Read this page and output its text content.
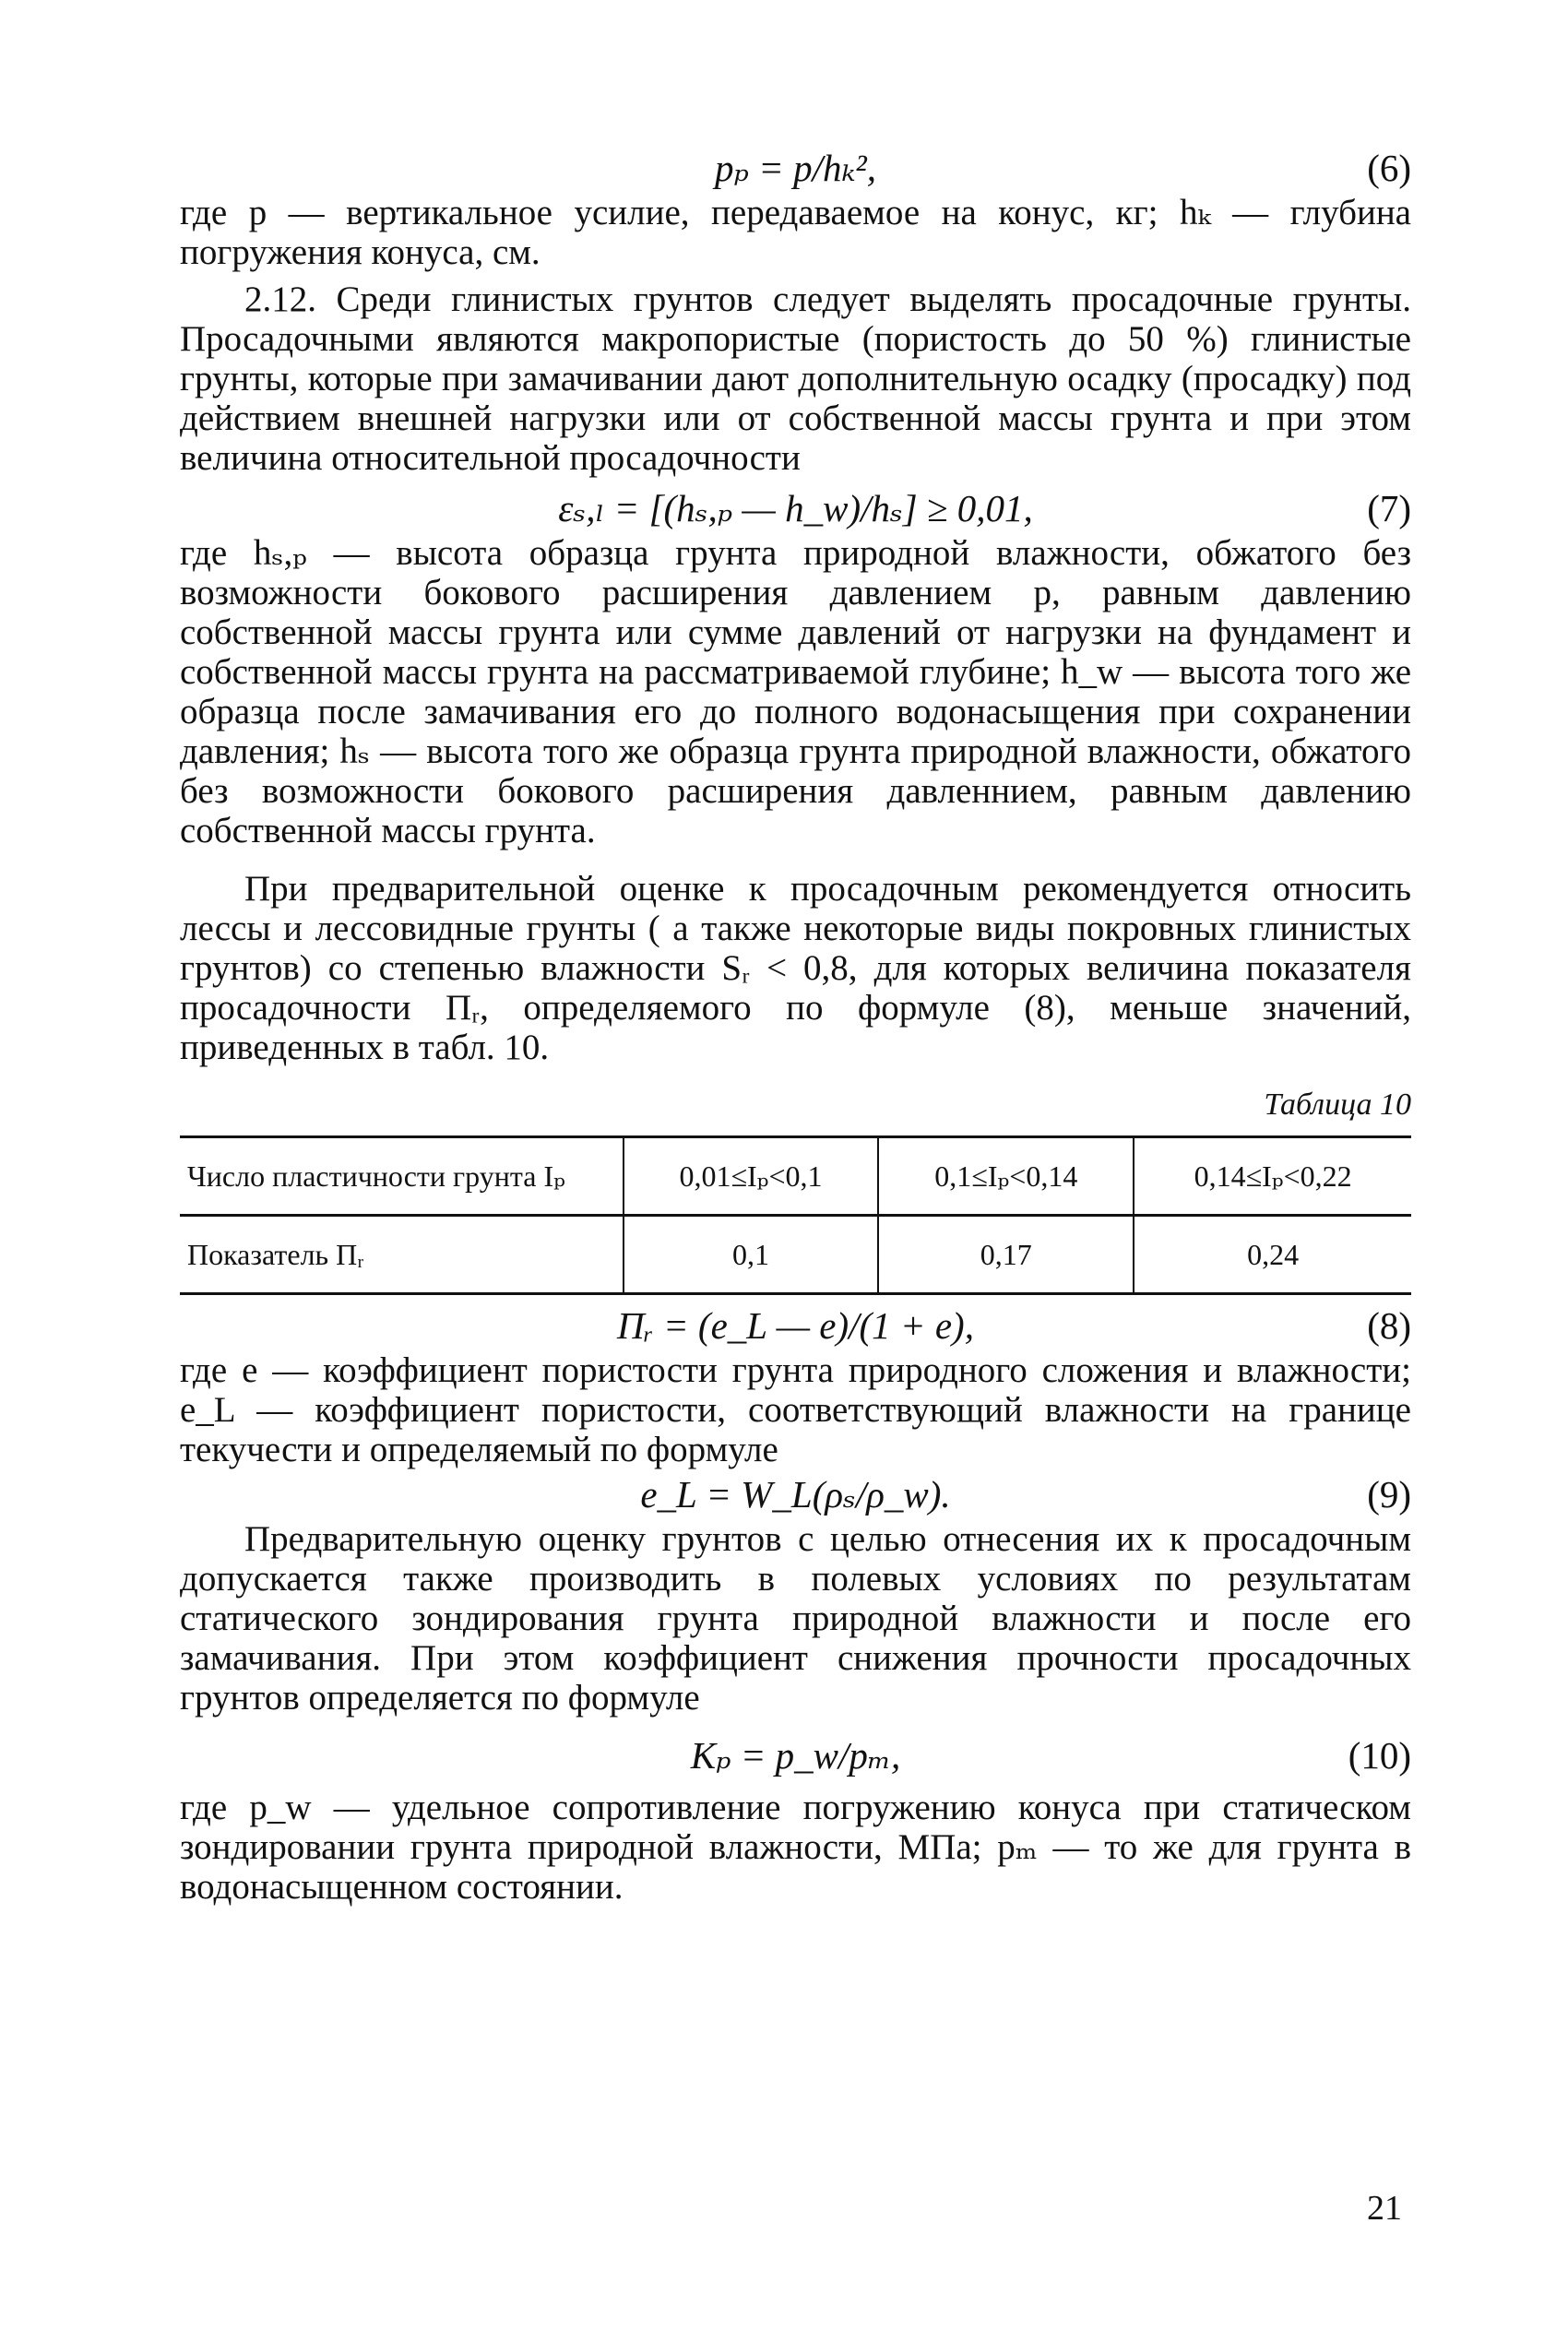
pₚ = p/hₖ²,	(6)

где p — вертикальное усилие, передаваемое на конус, кг; hₖ — глубина погружения конуса, см.

2.12. Среди глинистых грунтов следует выделять просадочные грунты. Просадочными являются макропористые (пористость до 50 %) глинистые грунты, которые при замачивании дают дополнительную осадку (просадку) под действием внешней нагрузки или от собственной массы грунта и при этом величина относительной просадочности

εₛ,ₗ = [(hₛ,ₚ — h_w)/hₛ] ≥ 0,01,	(7)

где hₛ,ₚ — высота образца грунта природной влажности, обжатого без возможности бокового расширения давлением p, равным давлению собственной массы грунта или сумме давлений от нагрузки на фундамент и собственной массы грунта на рассматриваемой глубине; h_w — высота того же образца после замачивания его до полного водонасыщения при сохранении давления; hₛ — высота того же образца грунта природной влажности, обжатого без возможности бокового расширения давленнием, равным давлению собственной массы грунта.

При предварительной оценке к просадочным рекомендуется относить лессы и лессовидные грунты ( а также некоторые виды покровных глинистых грунтов) со степенью влажности Sᵣ < 0,8, для которых величина показателя просадочности Пᵣ, определяемого по формуле (8), меньше значений, приведенных в табл. 10.

Таблица 10
Число пластичности грунта Iₚ	0,01≤Iₚ<0,1	0,1≤Iₚ<0,14	0,14≤Iₚ<0,22
Показатель Пᵣ	0,1	0,17	0,24
Пᵣ = (e_L — e)/(1 + e),	(8)

где e — коэффициент пористости грунта природного сложения и влажности; e_L — коэффициент пористости, соответствующий влажности на границе текучести и определяемый по формуле

e_L = W_L(ρₛ/ρ_w).	(9)

Предварительную оценку грунтов с целью отнесения их к просадочным допускается также производить в полевых условиях по результатам статического зондирования грунта природной влажности и после его замачивания. При этом коэффициент снижения прочности просадочных грунтов определяется по формуле

Kₚ = p_w/pₘ,	(10)

где p_w — удельное сопротивление погружению конуса при статическом зондировании грунта природной влажности, МПа; pₘ — то же для грунта в водонасыщенном состоянии.

21
